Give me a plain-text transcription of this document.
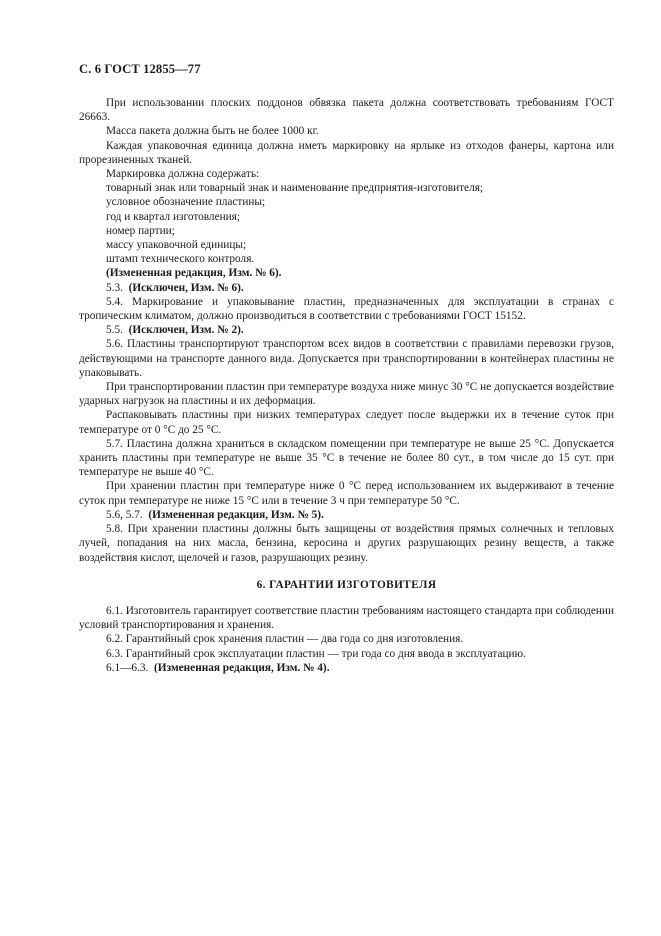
С. 6 ГОСТ 12855—77

При использовании плоских поддонов обвязка пакета должна соответствовать требованиям ГОСТ 26663.

Масса пакета должна быть не более 1000 кг.

Каждая упаковочная единица должна иметь маркировку на ярлыке из отходов фанеры, картона или прорезиненных тканей.

Маркировка должна содержать:

товарный знак или товарный знак и наименование предприятия-изготовителя;

условное обозначение пластины;

год и квартал изготовления;

номер партии;

массу упаковочной единицы;

штамп технического контроля.

(Измененная редакция, Изм. № 6).

5.3. (Исключен, Изм. № 6).

5.4. Маркирование и упаковывание пластин, предназначенных для эксплуатации в странах с тропическим климатом, должно производиться в соответствии с требованиями ГОСТ 15152.

5.5. (Исключен, Изм. № 2).

5.6. Пластины транспортируют транспортом всех видов в соответствии с правилами перевозки грузов, действующими на транспорте данного вида. Допускается при транспортировании в контейнерах пластины не упаковывать.

При транспортировании пластин при температуре воздуха ниже минус 30 °С не допускается воздействие ударных нагрузок на пластины и их деформация.

Распаковывать пластины при низких температурах следует после выдержки их в течение суток при температуре от 0 °С до 25 °С.

5.7. Пластина должна храниться в складском помещении при температуре не выше 25 °С. Допускается хранить пластины при температуре не выше 35 °С в течение не более 80 сут., в том числе до 15 сут. при температуре не выше 40 °С.

При хранении пластин при температуре ниже 0 °С перед использованием их выдерживают в течение суток при температуре не ниже 15 °С или в течение 3 ч при температуре 50 °С.

5.6, 5.7. (Измененная редакция, Изм. № 5).

5.8. При хранении пластины должны быть защищены от воздействия прямых солнечных и тепловых лучей, попадания на них масла, бензина, керосина и других разрушающих резину веществ, а также воздействия кислот, щелочей и газов, разрушающих резину.

6. ГАРАНТИИ ИЗГОТОВИТЕЛЯ

6.1. Изготовитель гарантирует соответствие пластин требованиям настоящего стандарта при соблюдении условий транспортирования и хранения.

6.2. Гарантийный срок хранения пластин — два года со дня изготовления.

6.3. Гарантийный срок эксплуатации пластин — три года со дня ввода в эксплуатацию.

6.1—6.3. (Измененная редакция, Изм. № 4).
